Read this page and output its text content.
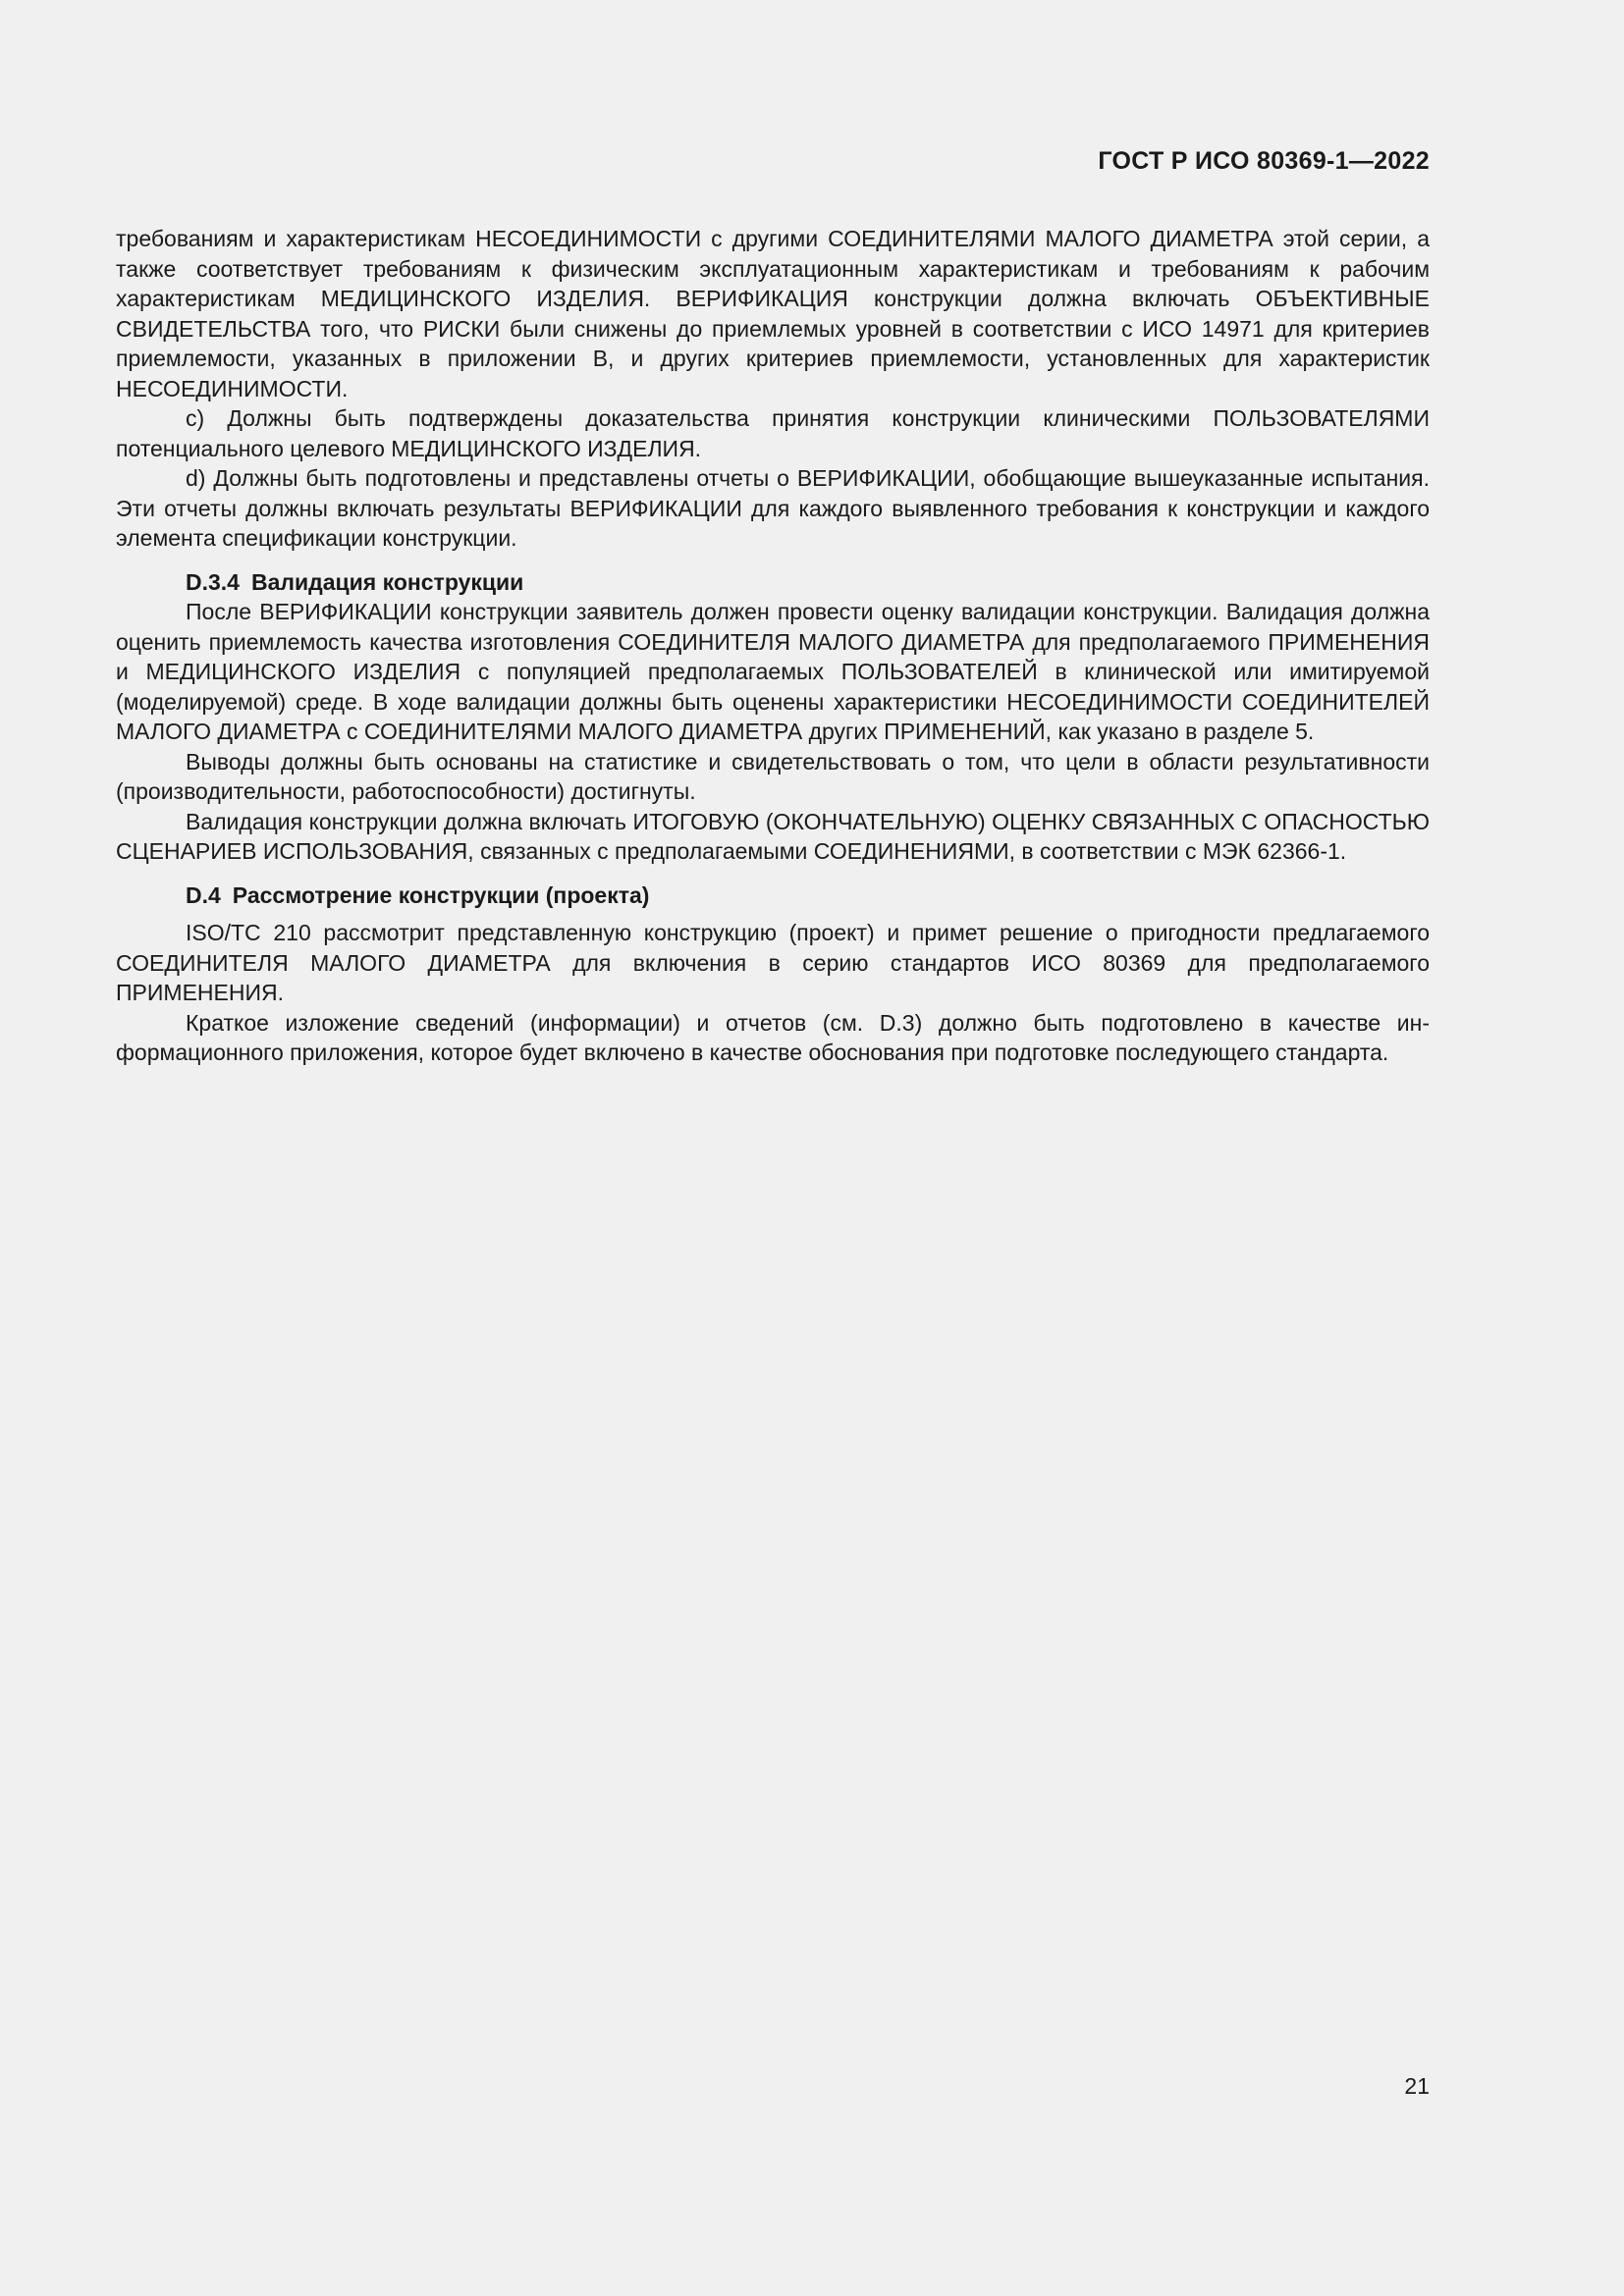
ГОСТ Р ИСО 80369-1—2022

требованиям и характеристикам НЕСОЕДИНИМОСТИ с другими СОЕДИНИТЕЛЯМИ МАЛОГО ДИАМЕТРА этой серии, а также соответствует требованиям к физическим эксплуатационным характеристикам и требованиям к рабочим характеристикам МЕДИЦИНСКОГО ИЗДЕЛИЯ. ВЕРИФИКАЦИЯ конструкции должна включать ОБЪЕКТИВНЫЕ СВИДЕТЕЛЬСТВА того, что РИСКИ были снижены до приемлемых уровней в соответствии с ИСО 14971 для критериев приемлемости, указанных в приложении В, и других критериев приемлемости, установленных для характеристик НЕСОЕДИНИМОСТИ.

с) Должны быть подтверждены доказательства принятия конструкции клиническими ПОЛЬЗОВАТЕЛЯМИ потенциального целевого МЕДИЦИНСКОГО ИЗДЕЛИЯ.

d) Должны быть подготовлены и представлены отчеты о ВЕРИФИКАЦИИ, обобщающие вышеуказанные испытания. Эти отчеты должны включать результаты ВЕРИФИКАЦИИ для каждого выявленного требования к конструкции и каждого элемента спецификации конструкции.

D.3.4 Валидация конструкции

После ВЕРИФИКАЦИИ конструкции заявитель должен провести оценку валидации конструкции. Валидация должна оценить приемлемость качества изготовления СОЕДИНИТЕЛЯ МАЛОГО ДИАМЕТРА для предполагаемого ПРИМЕНЕНИЯ и МЕДИЦИНСКОГО ИЗДЕЛИЯ с популяцией предполагаемых ПОЛЬЗОВАТЕЛЕЙ в клинической или имитируемой (моделируемой) среде. В ходе валидации должны быть оценены характеристики НЕСОЕДИНИМОСТИ СОЕДИНИТЕЛЕЙ МАЛОГО ДИАМЕТРА с СОЕДИНИТЕЛЯМИ МАЛОГО ДИАМЕТРА других ПРИМЕНЕНИЙ, как указано в разделе 5.

Выводы должны быть основаны на статистике и свидетельствовать о том, что цели в области результативности (производительности, работоспособности) достигнуты.

Валидация конструкции должна включать ИТОГОВУЮ (ОКОНЧАТЕЛЬНУЮ) ОЦЕНКУ СВЯЗАННЫХ С ОПАСНОСТЬЮ СЦЕНАРИЕВ ИСПОЛЬЗОВАНИЯ, связанных с предполагаемыми СОЕДИНЕНИЯМИ, в соответствии с МЭК 62366-1.

D.4 Рассмотрение конструкции (проекта)

ISO/TC 210 рассмотрит представленную конструкцию (проект) и примет решение о пригодности предлагаемого СОЕДИНИТЕЛЯ МАЛОГО ДИАМЕТРА для включения в серию стандартов ИСО 80369 для предполагаемого ПРИМЕНЕНИЯ.

Краткое изложение сведений (информации) и отчетов (см. D.3) должно быть подготовлено в качестве информационного приложения, которое будет включено в качестве обоснования при подготовке последующего стандарта.

21
